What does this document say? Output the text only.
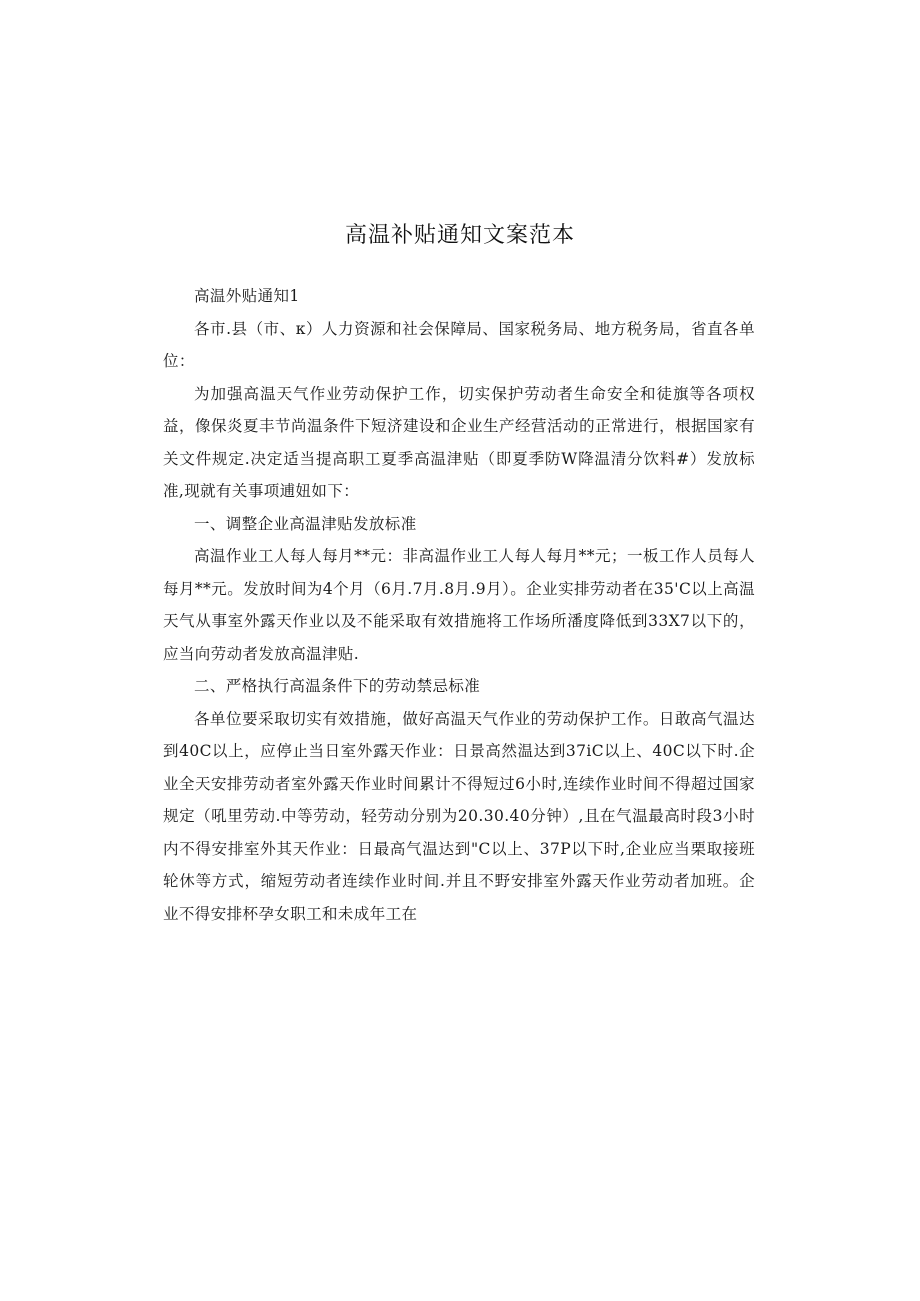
高温补贴通知文案范本

高温外贴通知1

各市.县（市、к）人力资源和社会保障局、国家税务局、地方税务局，省直各单位：

为加强高温天气作业劳动保护工作，切实保护劳动者生命安全和徒旗等各项权益，像保炎夏丰节尚温条件下短济建设和企业生产经营活动的正常进行，根据国家有关文件规定.决定适当提高职工夏季高温津贴（即夏季防W降温清分饮料#）发放标准,现就有关事项逋妞如下：

一、调整企业高温津贴发放标准

高温作业工人每人每月**元：非高温作业工人每人每月**元；一板工作人员每人每月**元。发放时间为4个月（6月.7月.8月.9月）。企业实排劳动者在35'C以上高温天气从事室外露天作业以及不能采取有效措施将工作场所潘度降低到33X7以下的，应当向劳动者发放高温津贴.

二、严格执行高温条件下的劳动禁忌标准

各单位要采取切实有效措施，做好高温天气作业的劳动保护工作。日敢高气温达到40C以上，应停止当日室外露天作业：日景高然温达到37iC以上、40C以下时.企业全天安排劳动者室外露天作业时间累计不得短过6小时,连续作业时间不得超过国家规定（吼里劳动.中等劳动，轻劳动分别为20.30.40分钟）,且在气温最高时段3小时内不得安排室外其天作业：日最高气温达到"C以上、37P以下时,企业应当栗取接班轮休等方式，缩短劳动者连续作业时间.并且不野安排室外露天作业劳动者加班。企业不得安排杯孕女职工和未成年工在
